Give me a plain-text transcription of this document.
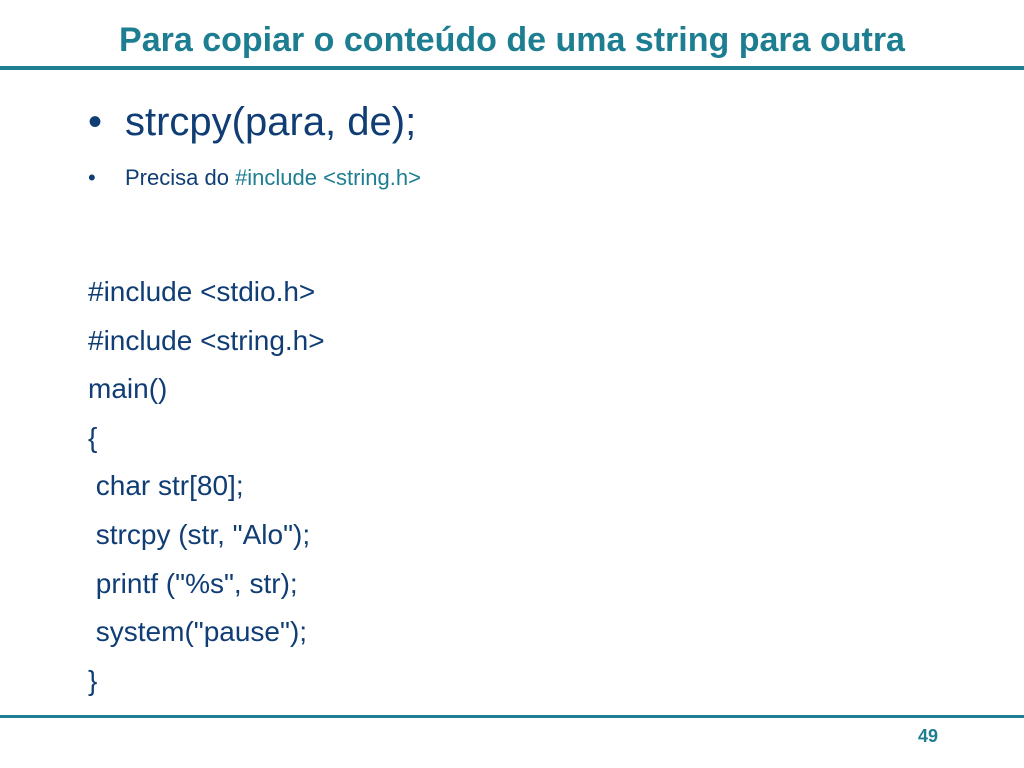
Para copiar o conteúdo de uma string para outra
• strcpy(para, de);
• Precisa do #include <string.h>
#include <stdio.h>
#include <string.h>
main()
{
char str[80];
strcpy (str, "Alo");
printf ("%s", str);
system("pause");
}
49
